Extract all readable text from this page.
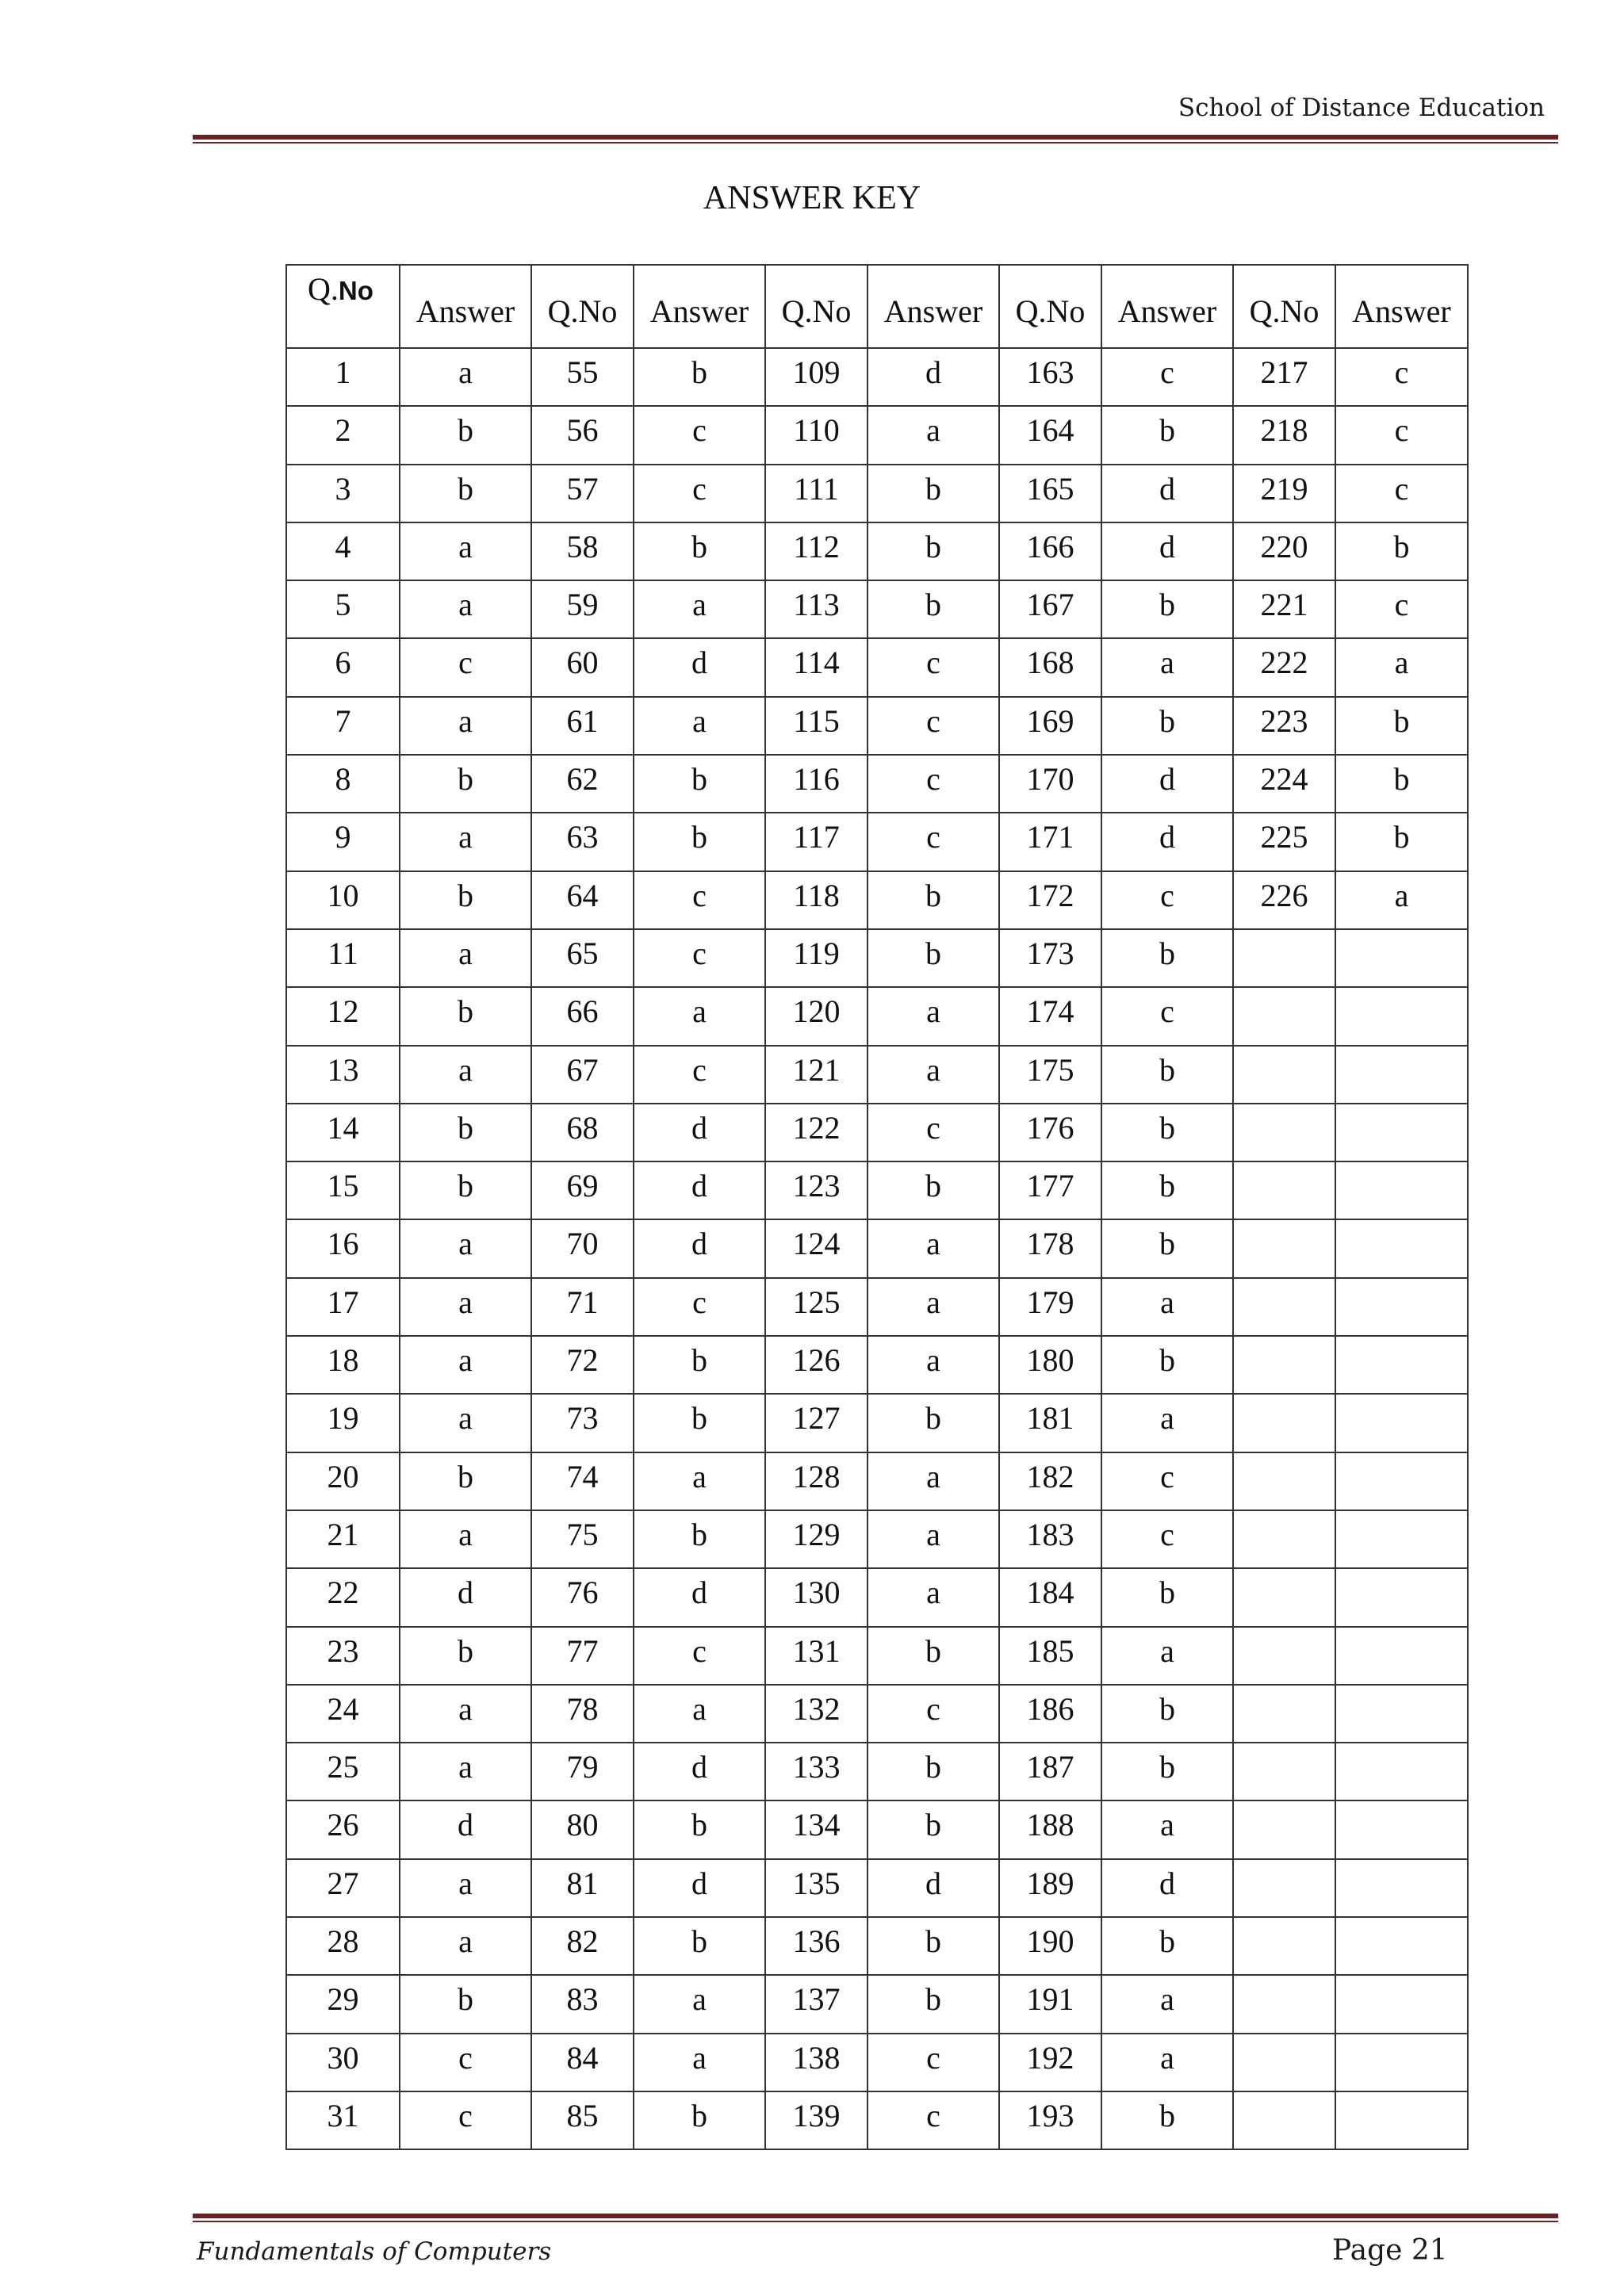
School of Distance Education
ANSWER KEY
Q.No	Answer	Q.No	Answer	Q.No	Answer	Q.No	Answer	Q.No	Answer
1	a	55	b	109	d	163	c	217	c
2	b	56	c	110	a	164	b	218	c
3	b	57	c	111	b	165	d	219	c
4	a	58	b	112	b	166	d	220	b
5	a	59	a	113	b	167	b	221	c
6	c	60	d	114	c	168	a	222	a
7	a	61	a	115	c	169	b	223	b
8	b	62	b	116	c	170	d	224	b
9	a	63	b	117	c	171	d	225	b
10	b	64	c	118	b	172	c	226	a
11	a	65	c	119	b	173	b		
12	b	66	a	120	a	174	c		
13	a	67	c	121	a	175	b		
14	b	68	d	122	c	176	b		
15	b	69	d	123	b	177	b		
16	a	70	d	124	a	178	b		
17	a	71	c	125	a	179	a		
18	a	72	b	126	a	180	b		
19	a	73	b	127	b	181	a		
20	b	74	a	128	a	182	c		
21	a	75	b	129	a	183	c		
22	d	76	d	130	a	184	b		
23	b	77	c	131	b	185	a		
24	a	78	a	132	c	186	b		
25	a	79	d	133	b	187	b		
26	d	80	b	134	b	188	a		
27	a	81	d	135	d	189	d		
28	a	82	b	136	b	190	b		
29	b	83	a	137	b	191	a		
30	c	84	a	138	c	192	a		
31	c	85	b	139	c	193	b		
Fundamentals of Computers	Page 21
